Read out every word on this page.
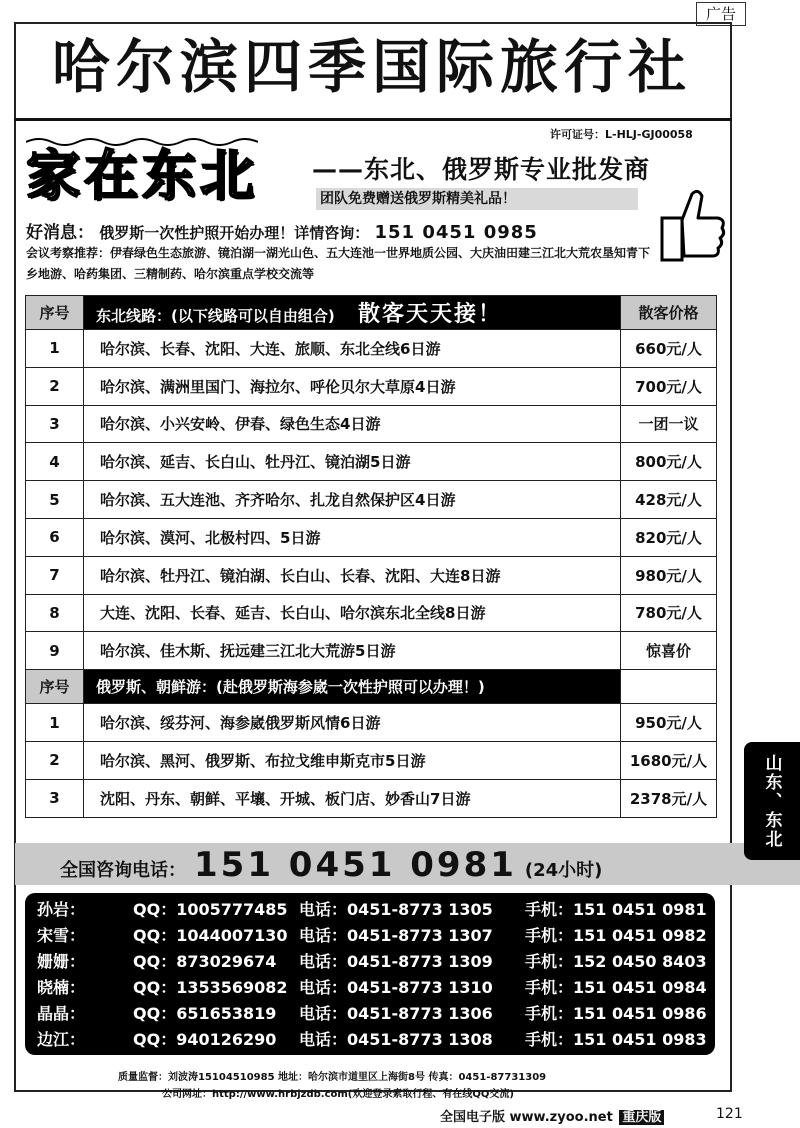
广告
哈尔滨四季国际旅行社
许可证号：L-HLJ-GJ00058
家在东北 ——东北、俄罗斯专业批发商
团队免费赠送俄罗斯精美礼品！
好消息： 俄罗斯一次性护照开始办理！详情咨询： 151 0451 0985
会议考察推荐：伊春绿色生态旅游、镜泊湖一湖光山色、五大连池一世界地质公园、大庆油田建三江北大荒农垦知青下乡地游、哈药集团、三精制药、哈尔滨重点学校交流等
序号	东北线路：(以下线路可以自由组合) 散客天天接！	散客价格
1	哈尔滨、长春、沈阳、大连、旅顺、东北全线6日游	660元/人
2	哈尔滨、满洲里国门、海拉尔、呼伦贝尔大草原4日游	700元/人
3	哈尔滨、小兴安岭、伊春、绿色生态4日游	一团一议
4	哈尔滨、延吉、长白山、牡丹江、镜泊湖5日游	800元/人
5	哈尔滨、五大连池、齐齐哈尔、扎龙自然保护区4日游	428元/人
6	哈尔滨、漠河、北极村四、5日游	820元/人
7	哈尔滨、牡丹江、镜泊湖、长白山、长春、沈阳、大连8日游	980元/人
8	大连、沈阳、长春、延吉、长白山、哈尔滨东北全线8日游	780元/人
9	哈尔滨、佳木斯、抚远建三江北大荒游5日游	惊喜价
序号	俄罗斯、朝鲜游：(赴俄罗斯海参崴一次性护照可以办理！)	
1	哈尔滨、绥芬河、海参崴俄罗斯风情6日游	950元/人
2	哈尔滨、黑河、俄罗斯、布拉戈维申斯克市5日游	1680元/人
3	沈阳、丹东、朝鲜、平壤、开城、板门店、妙香山7日游	2378元/人
全国咨询电话： 151 0451 0981 (24小时)
孙岩：	QQ：1005777485 电话：0451-8773 1305 手机：151 0451 0981
宋雪：	QQ：1044007130 电话：0451-8773 1307 手机：151 0451 0982
姗姗：	QQ：873029674 电话：0451-8773 1309 手机：152 0450 8403
晓楠：	QQ：1353569082 电话：0451-8773 1310 手机：151 0451 0984
晶晶：	QQ：651653819 电话：0451-8773 1306 手机：151 0451 0986
边江：	QQ：940126290 电话：0451-8773 1308 手机：151 0451 0983
质量监督：刘波涛15104510985 地址：哈尔滨市道里区上海街8号 传真：0451-87731309
公司网址：http://www.hrbjzdb.com(欢迎登录索取行程、有在线QQ交流)
全国电子版 www.zyoo.net 重庆版	121
山东、东北
